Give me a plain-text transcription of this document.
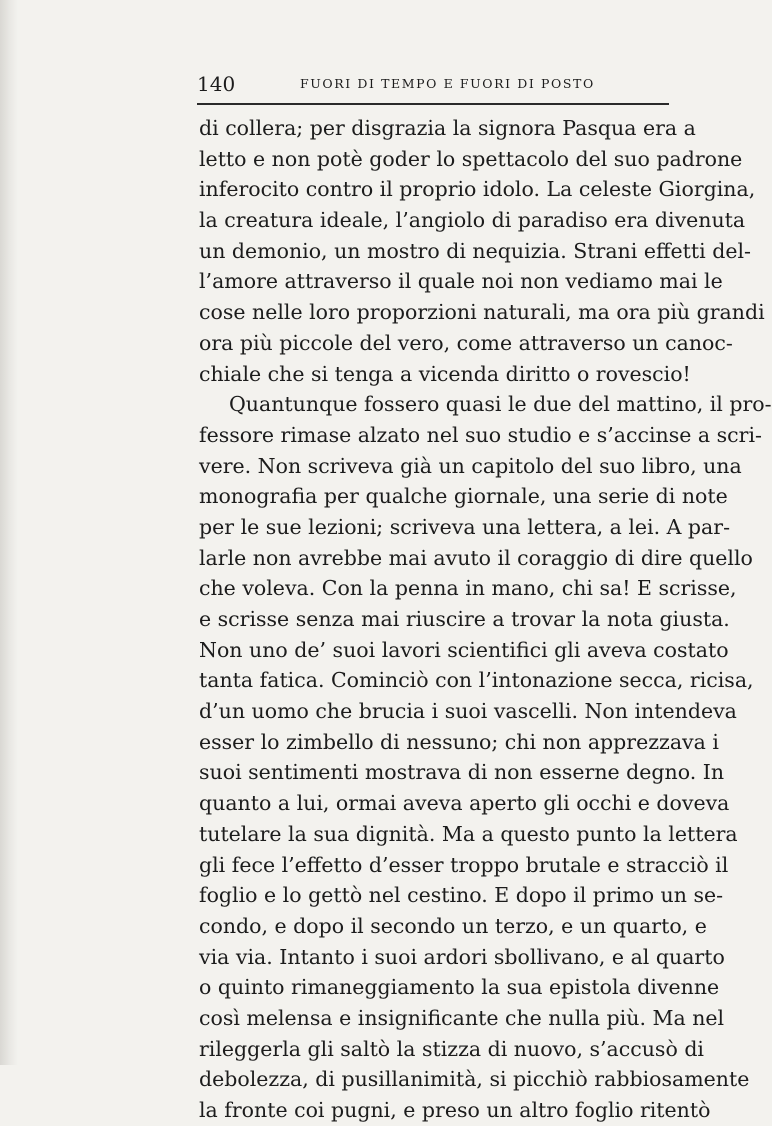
140	FUORI DI TEMPO E FUORI DI POSTO
di collera; per disgrazia la signora Pasqua era a
letto e non potè goder lo spettacolo del suo padrone
inferocito contro il proprio idolo. La celeste Giorgina,
la creatura ideale, l’angiolo di paradiso era divenuta
un demonio, un mostro di nequizia. Strani effetti del-
l’amore attraverso il quale noi non vediamo mai le
cose nelle loro proporzioni naturali, ma ora più grandi
ora più piccole del vero, come attraverso un canoc-
chiale che si tenga a vicenda diritto o rovescio!
Quantunque fossero quasi le due del mattino, il pro-
fessore rimase alzato nel suo studio e s’accinse a scri-
vere. Non scriveva già un capitolo del suo libro, una
monografia per qualche giornale, una serie di note
per le sue lezioni; scriveva una lettera, a lei. A par-
larle non avrebbe mai avuto il coraggio di dire quello
che voleva. Con la penna in mano, chi sa! E scrisse,
e scrisse senza mai riuscire a trovar la nota giusta.
Non uno de’ suoi lavori scientifici gli aveva costato
tanta fatica. Cominciò con l’intonazione secca, ricisa,
d’un uomo che brucia i suoi vascelli. Non intendeva
esser lo zimbello di nessuno; chi non apprezzava i
suoi sentimenti mostrava di non esserne degno. In
quanto a lui, ormai aveva aperto gli occhi e doveva
tutelare la sua dignità. Ma a questo punto la lettera
gli fece l’effetto d’esser troppo brutale e stracciò il
foglio e lo gettò nel cestino. E dopo il primo un se-
condo, e dopo il secondo un terzo, e un quarto, e
via via. Intanto i suoi ardori sbollivano, e al quarto
o quinto rimaneggiamento la sua epistola divenne
così melensa e insignificante che nulla più. Ma nel
rileggerla gli saltò la stizza di nuovo, s’accusò di
debolezza, di pusillanimità, si picchiò rabbiosamente
la fronte coi pugni, e preso un altro foglio ritentò
